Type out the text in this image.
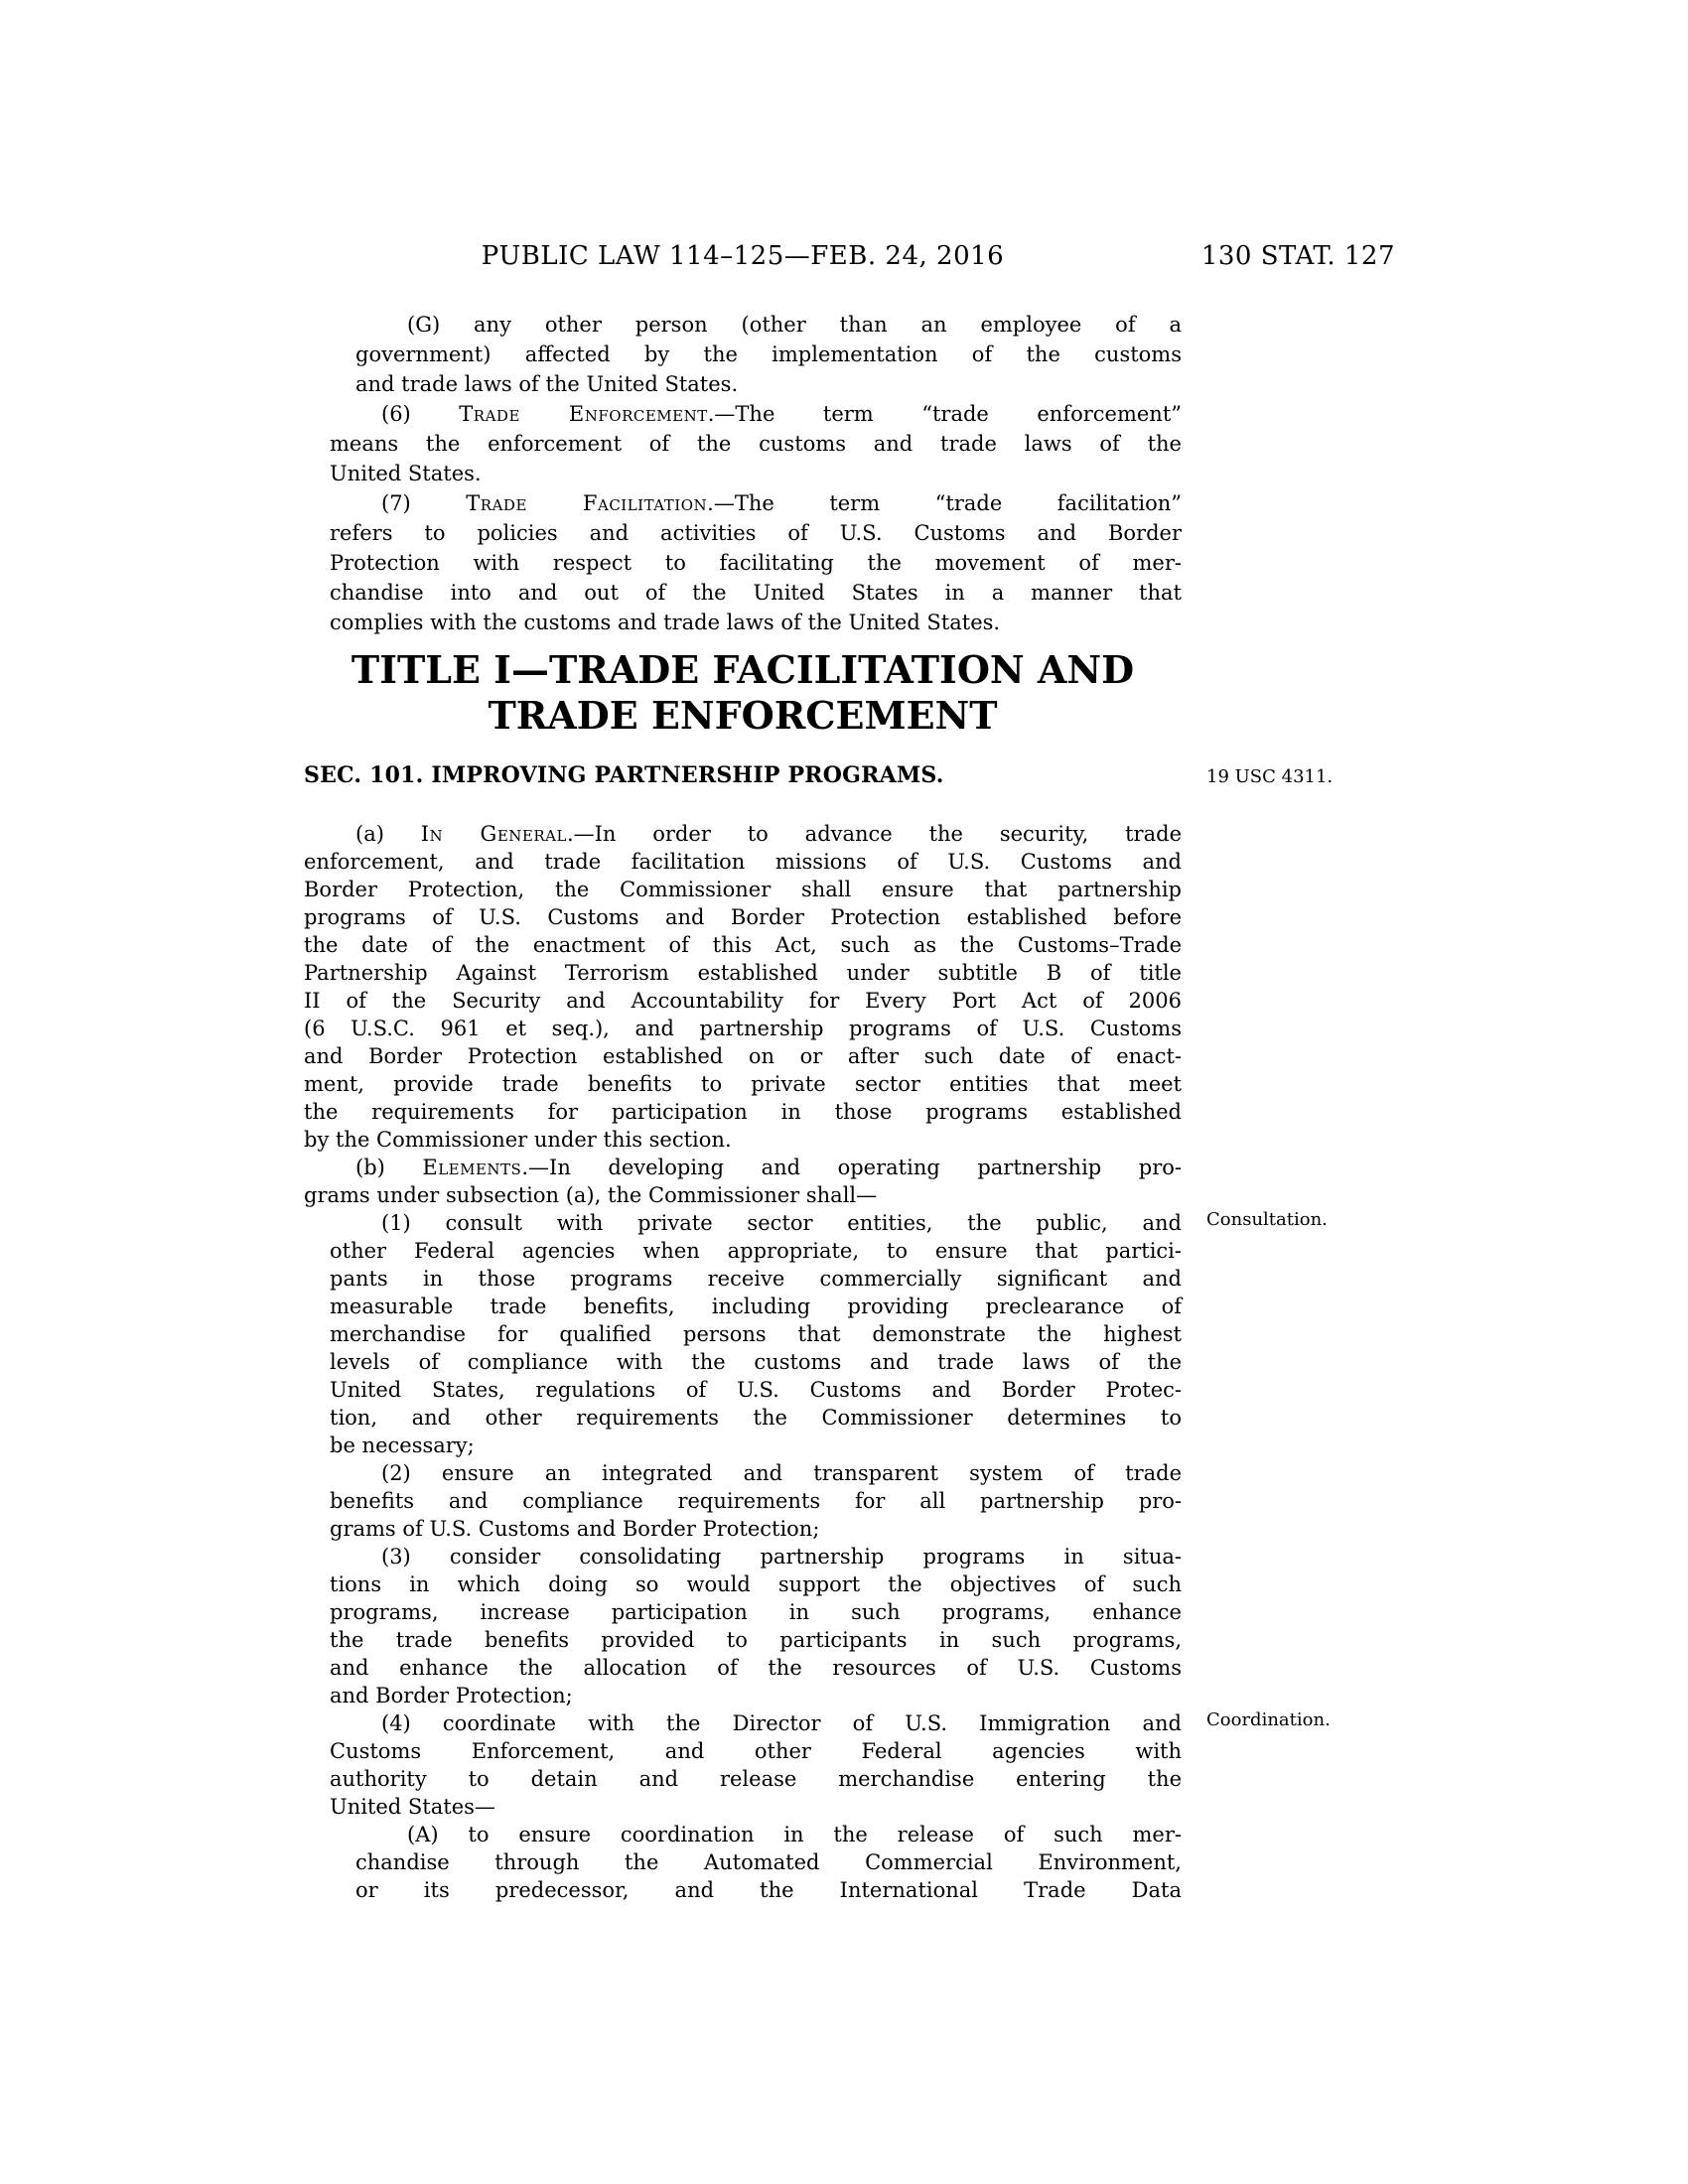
PUBLIC LAW 114–125—FEB. 24, 2016	130 STAT. 127
(G) any other person (other than an employee of a
government) affected by the implementation of the customs
and trade laws of the United States.
(6) Trade Enforcement.—The term “trade enforcement”
means the enforcement of the customs and trade laws of the
United States.
(7) Trade Facilitation.—The term “trade facilitation”
refers to policies and activities of U.S. Customs and Border
Protection with respect to facilitating the movement of mer-
chandise into and out of the United States in a manner that
complies with the customs and trade laws of the United States.
TITLE I—TRADE FACILITATION AND
TRADE ENFORCEMENT
SEC. 101. IMPROVING PARTNERSHIP PROGRAMS.
(a) In General.—In order to advance the security, trade
enforcement, and trade facilitation missions of U.S. Customs and
Border Protection, the Commissioner shall ensure that partnership
programs of U.S. Customs and Border Protection established before
the date of the enactment of this Act, such as the Customs–Trade
Partnership Against Terrorism established under subtitle B of title
II of the Security and Accountability for Every Port Act of 2006
(6 U.S.C. 961 et seq.), and partnership programs of U.S. Customs
and Border Protection established on or after such date of enact-
ment, provide trade benefits to private sector entities that meet
the requirements for participation in those programs established
by the Commissioner under this section.
(b) Elements.—In developing and operating partnership pro-
grams under subsection (a), the Commissioner shall—
(1) consult with private sector entities, the public, and
other Federal agencies when appropriate, to ensure that partici-
pants in those programs receive commercially significant and
measurable trade benefits, including providing preclearance of
merchandise for qualified persons that demonstrate the highest
levels of compliance with the customs and trade laws of the
United States, regulations of U.S. Customs and Border Protec-
tion, and other requirements the Commissioner determines to
be necessary;
(2) ensure an integrated and transparent system of trade
benefits and compliance requirements for all partnership pro-
grams of U.S. Customs and Border Protection;
(3) consider consolidating partnership programs in situa-
tions in which doing so would support the objectives of such
programs, increase participation in such programs, enhance
the trade benefits provided to participants in such programs,
and enhance the allocation of the resources of U.S. Customs
and Border Protection;
(4) coordinate with the Director of U.S. Immigration and
Customs Enforcement, and other Federal agencies with
authority to detain and release merchandise entering the
United States—
(A) to ensure coordination in the release of such mer-
chandise through the Automated Commercial Environment,
or its predecessor, and the International Trade Data
19 USC 4311.
Consultation.
Coordination.
